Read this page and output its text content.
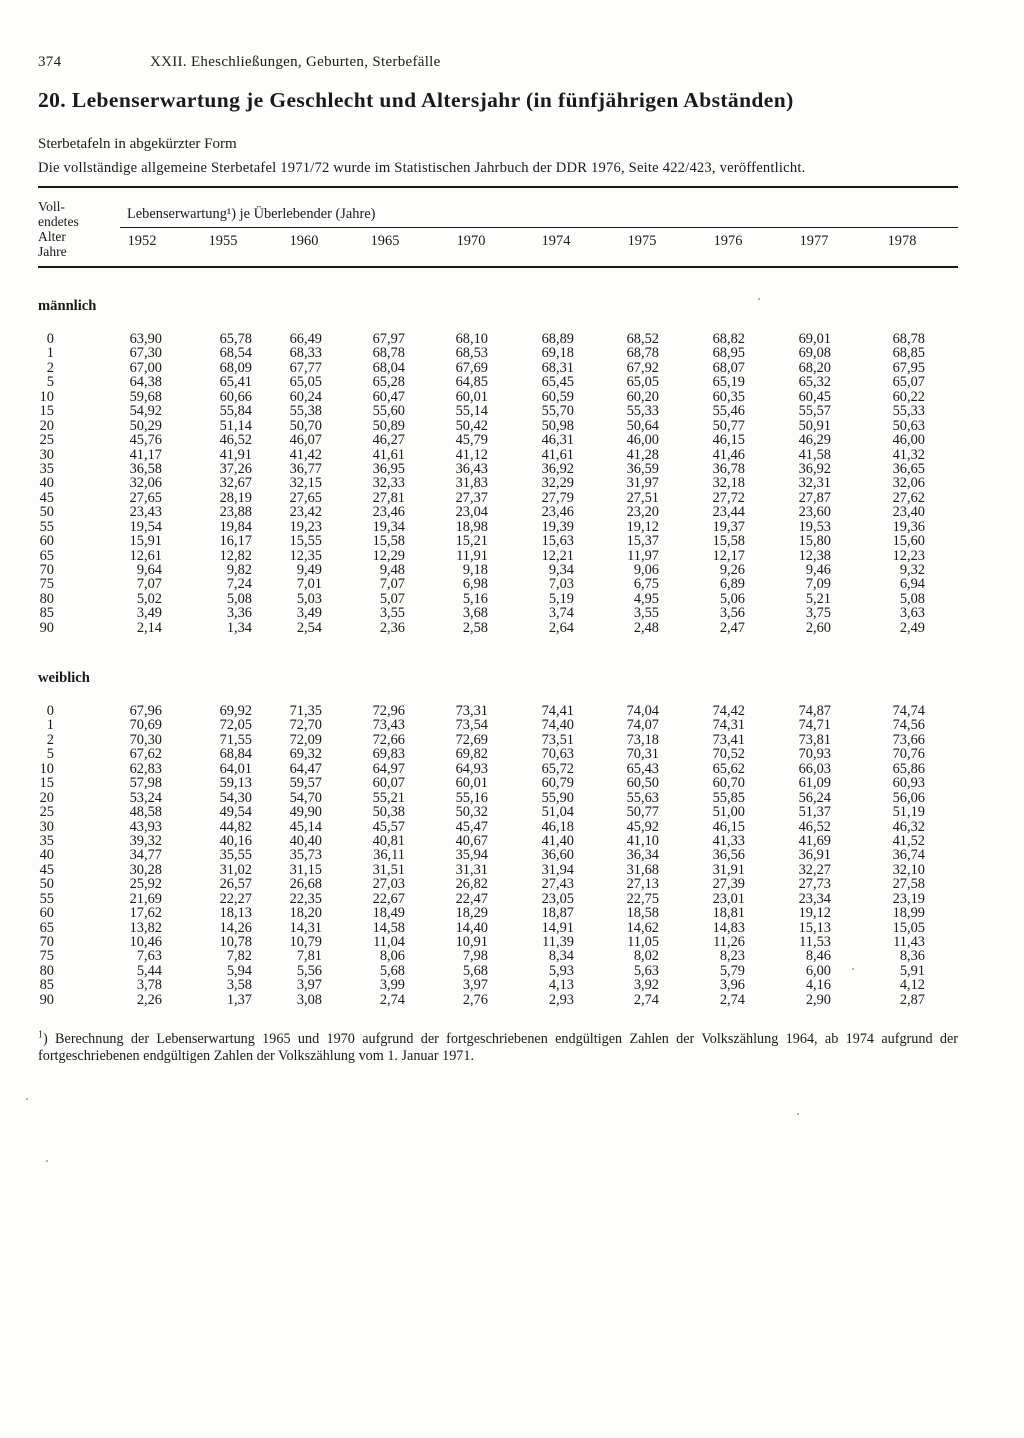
374	XXII. Eheschließungen, Geburten, Sterbefälle
20. Lebenserwartung je Geschlecht und Altersjahr (in fünfjährigen Abständen)
Sterbetafeln in abgekürzter Form
Die vollständige allgemeine Sterbetafel 1971/72 wurde im Statistischen Jahrbuch der DDR 1976, Seite 422/423, veröffentlicht.
Voll-
endetes
Alter
Jahre
Lebenserwartung¹) je Überlebender (Jahre)
1952	1955	1960	1965	1970	1974	1975	1976	1977	1978
männlich
0	63,90	65,78	66,49	67,97	68,10	68,89	68,52	68,82	69,01	68,78
1	67,30	68,54	68,33	68,78	68,53	69,18	68,78	68,95	69,08	68,85
2	67,00	68,09	67,77	68,04	67,69	68,31	67,92	68,07	68,20	67,95
5	64,38	65,41	65,05	65,28	64,85	65,45	65,05	65,19	65,32	65,07
10	59,68	60,66	60,24	60,47	60,01	60,59	60,20	60,35	60,45	60,22
15	54,92	55,84	55,38	55,60	55,14	55,70	55,33	55,46	55,57	55,33
20	50,29	51,14	50,70	50,89	50,42	50,98	50,64	50,77	50,91	50,63
25	45,76	46,52	46,07	46,27	45,79	46,31	46,00	46,15	46,29	46,00
30	41,17	41,91	41,42	41,61	41,12	41,61	41,28	41,46	41,58	41,32
35	36,58	37,26	36,77	36,95	36,43	36,92	36,59	36,78	36,92	36,65
40	32,06	32,67	32,15	32,33	31,83	32,29	31,97	32,18	32,31	32,06
45	27,65	28,19	27,65	27,81	27,37	27,79	27,51	27,72	27,87	27,62
50	23,43	23,88	23,42	23,46	23,04	23,46	23,20	23,44	23,60	23,40
55	19,54	19,84	19,23	19,34	18,98	19,39	19,12	19,37	19,53	19,36
60	15,91	16,17	15,55	15,58	15,21	15,63	15,37	15,58	15,80	15,60
65	12,61	12,82	12,35	12,29	11,91	12,21	11,97	12,17	12,38	12,23
70	9,64	9,82	9,49	9,48	9,18	9,34	9,06	9,26	9,46	9,32
75	7,07	7,24	7,01	7,07	6,98	7,03	6,75	6,89	7,09	6,94
80	5,02	5,08	5,03	5,07	5,16	5,19	4,95	5,06	5,21	5,08
85	3,49	3,36	3,49	3,55	3,68	3,74	3,55	3,56	3,75	3,63
90	2,14	1,34	2,54	2,36	2,58	2,64	2,48	2,47	2,60	2,49
weiblich
0	67,96	69,92	71,35	72,96	73,31	74,41	74,04	74,42	74,87	74,74
1	70,69	72,05	72,70	73,43	73,54	74,40	74,07	74,31	74,71	74,56
2	70,30	71,55	72,09	72,66	72,69	73,51	73,18	73,41	73,81	73,66
5	67,62	68,84	69,32	69,83	69,82	70,63	70,31	70,52	70,93	70,76
10	62,83	64,01	64,47	64,97	64,93	65,72	65,43	65,62	66,03	65,86
15	57,98	59,13	59,57	60,07	60,01	60,79	60,50	60,70	61,09	60,93
20	53,24	54,30	54,70	55,21	55,16	55,90	55,63	55,85	56,24	56,06
25	48,58	49,54	49,90	50,38	50,32	51,04	50,77	51,00	51,37	51,19
30	43,93	44,82	45,14	45,57	45,47	46,18	45,92	46,15	46,52	46,32
35	39,32	40,16	40,40	40,81	40,67	41,40	41,10	41,33	41,69	41,52
40	34,77	35,55	35,73	36,11	35,94	36,60	36,34	36,56	36,91	36,74
45	30,28	31,02	31,15	31,51	31,31	31,94	31,68	31,91	32,27	32,10
50	25,92	26,57	26,68	27,03	26,82	27,43	27,13	27,39	27,73	27,58
55	21,69	22,27	22,35	22,67	22,47	23,05	22,75	23,01	23,34	23,19
60	17,62	18,13	18,20	18,49	18,29	18,87	18,58	18,81	19,12	18,99
65	13,82	14,26	14,31	14,58	14,40	14,91	14,62	14,83	15,13	15,05
70	10,46	10,78	10,79	11,04	10,91	11,39	11,05	11,26	11,53	11,43
75	7,63	7,82	7,81	8,06	7,98	8,34	8,02	8,23	8,46	8,36
80	5,44	5,94	5,56	5,68	5,68	5,93	5,63	5,79	6,00	5,91
85	3,78	3,58	3,97	3,99	3,97	4,13	3,92	3,96	4,16	4,12
90	2,26	1,37	3,08	2,74	2,76	2,93	2,74	2,74	2,90	2,87
$^1$) Berechnung der Lebenserwartung 1965 und 1970 aufgrund der fortgeschriebenen endgültigen Zahlen der Volkszählung 1964, ab 1974 aufgrund der fortgeschriebenen endgültigen Zahlen der Volkszählung vom 1. Januar 1971.
